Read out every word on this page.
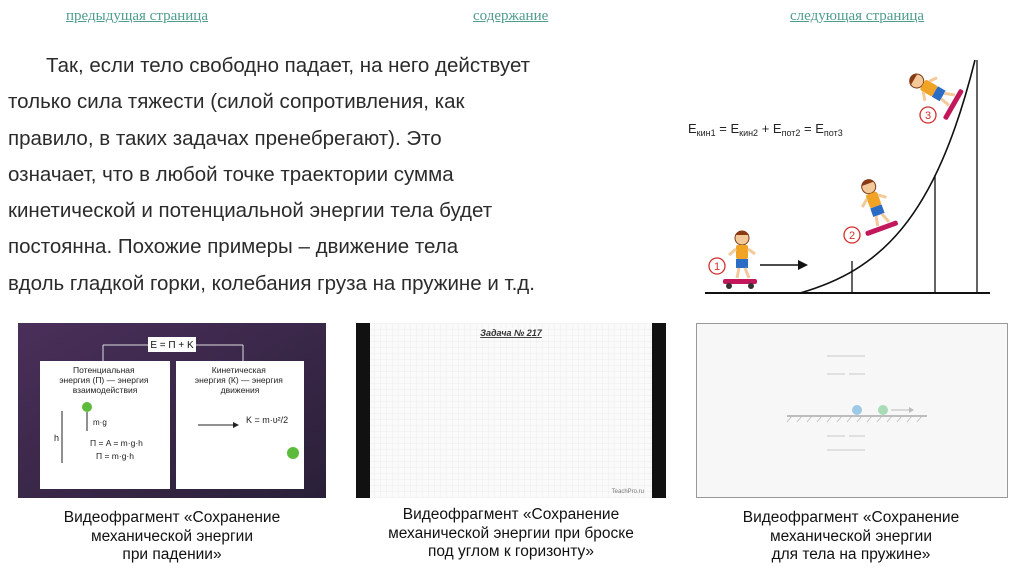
предыдущая страница	содержание	следующая страница

Так, если тело свободно падает, на него действует
только сила тяжести (силой сопротивления, как
правило, в таких задачах пренебрегают). Это
означает, что в любой точке траектории сумма
кинетической и потенциальной энергии тела будет
постоянна. Похожие примеры – движение тела
вдоль гладкой горки, колебания груза на пружине и т.д.

$E_{кин1} = E_{кин2} + E_{пот2} = E_{пот3}$
1
2
3
E = П + K
Потенциальная энергия (П) — энергия взаимодействия
Кинетическая энергия (К) — энергия движения
m·g
h	П = A = m·g·h
П = m·g·h
K = m·υ²/2
Видеофрагмент «Сохранение
механической энергии
при падении»
Задача № 217
TeachPro.ru
Видеофрагмент «Сохранение
механической энергии при броске
под углом к горизонту»
Видеофрагмент «Сохранение
механической энергии
для тела на пружине»
